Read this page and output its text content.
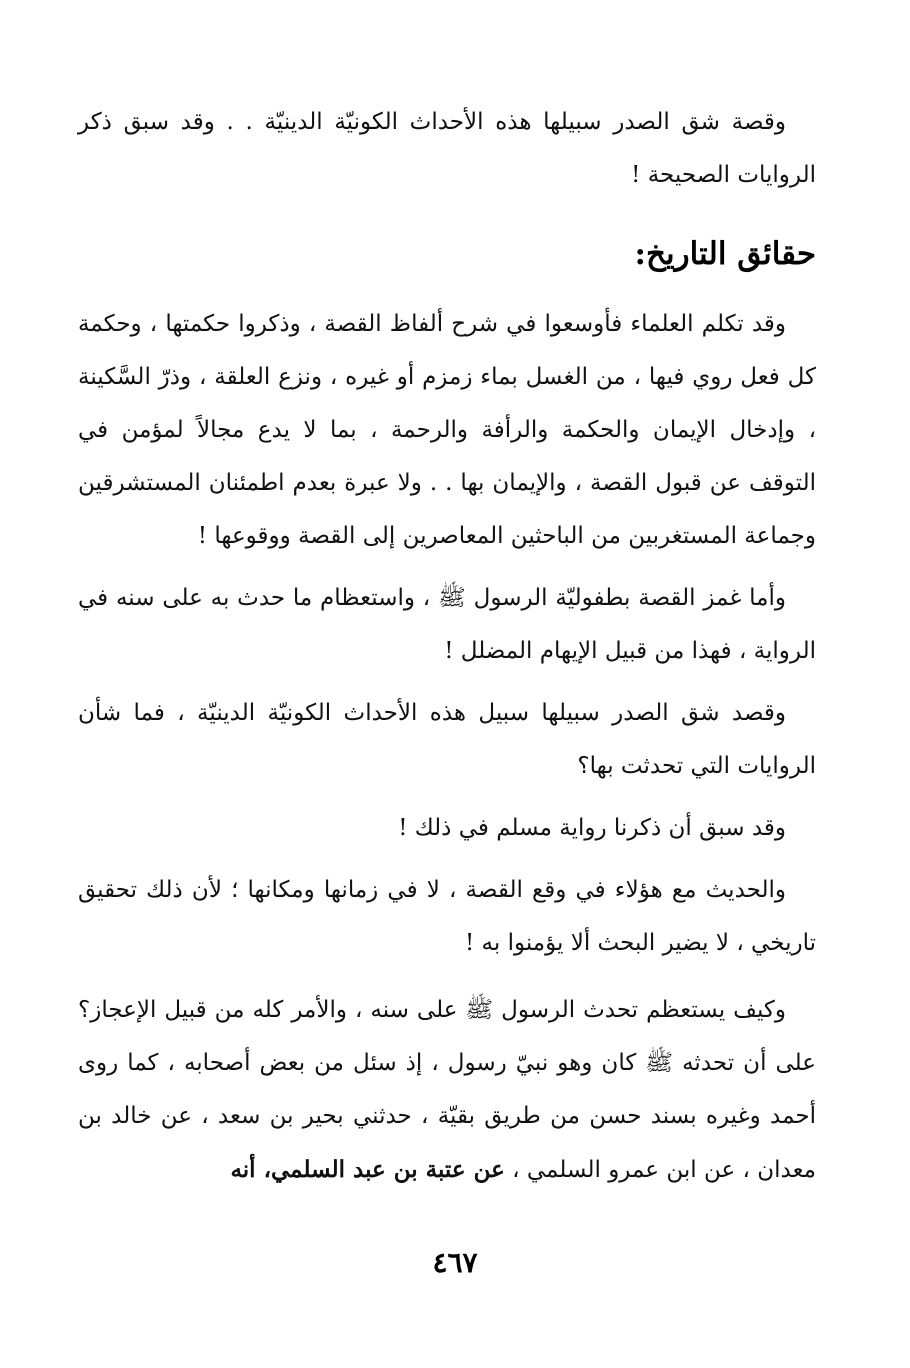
وقصة شق الصدر سبيلها هذه الأحداث الكونيّة الدينيّة . . وقد سبق ذكر الروايات الصحيحة !

حقائق التاريخ:

وقد تكلم العلماء فأوسعوا في شرح ألفاظ القصة ، وذكروا حكمتها ، وحكمة كل فعل روي فيها ، من الغسل بماء زمزم أو غيره ، ونزع العلقة ، وذرّ السَّكينة ، وإدخال الإيمان والحكمة والرأفة والرحمة ، بما لا يدع مجالاً لمؤمن في التوقف عن قبول القصة ، والإيمان بها . . ولا عبرة بعدم اطمئنان المستشرقين وجماعة المستغربين من الباحثين المعاصرين إلى القصة ووقوعها !

وأما غمز القصة بطفوليّة الرسول ﷺ ، واستعظام ما حدث به على سنه في الرواية ، فهذا من قبيل الإيهام المضلل !

وقصد شق الصدر سبيلها سبيل هذه الأحداث الكونيّة الدينيّة ، فما شأن الروايات التي تحدثت بها؟

وقد سبق أن ذكرنا رواية مسلم في ذلك !

والحديث مع هؤلاء في وقع القصة ، لا في زمانها ومكانها ؛ لأن ذلك تحقيق تاريخي ، لا يضير البحث ألا يؤمنوا به !

وكيف يستعظم تحدث الرسول ﷺ على سنه ، والأمر كله من قبيل الإعجاز؟ على أن تحدثه ﷺ كان وهو نبيّ رسول ، إذ سئل من بعض أصحابه ، كما روى أحمد وغيره بسند حسن من طريق بقيّة ، حدثني بحير بن سعد ، عن خالد بن معدان ، عن ابن عمرو السلمي ، عن عتبة بن عبد السلمي، أنه

٤٦٧
